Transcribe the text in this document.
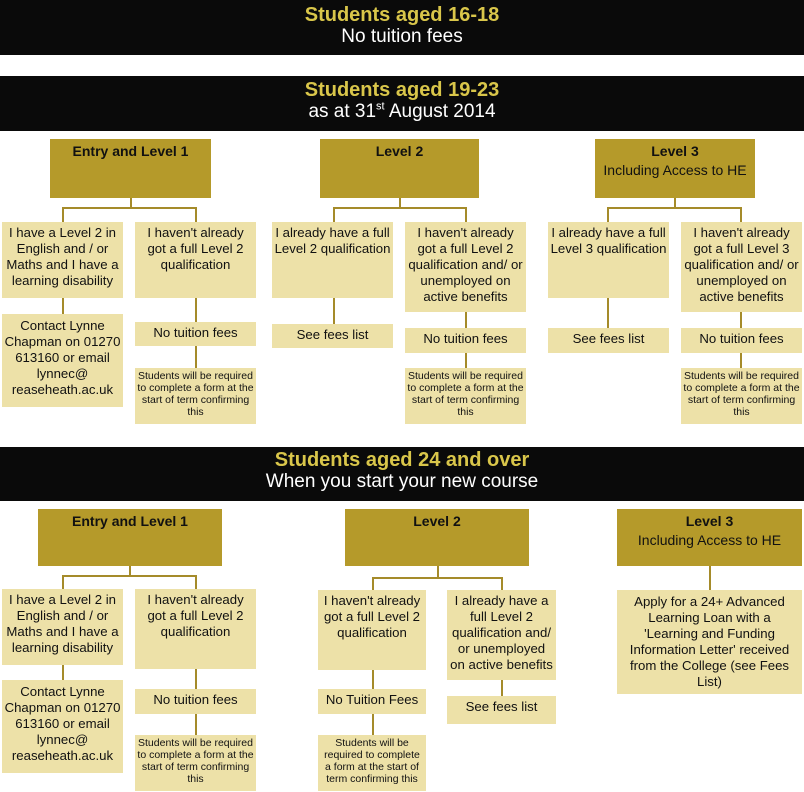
Students aged 16-18
No tuition fees
Students aged 19-23
as at 31st August 2014
Entry and Level 1
I have a Level 2 in English and / or Maths and I have a learning disability
I haven't already got a full Level 2 qualification
Contact Lynne Chapman on 01270 613160 or email lynnec@ reaseheath.ac.uk
No tuition fees
Students will be required to complete a form at the start of term confirming this
Level 2
I already have a full Level 2 qualification
I haven't already got a full Level 2 qualification and/ or unemployed on active benefits
See fees list	No tuition fees
Students will be required to complete a form at the start of term confirming this
Level 3
Including Access to HE
I already have a full Level 3 qualification
I haven't already got a full Level 3 qualification and/ or unemployed on active benefits
See fees list	No tuition fees
Students will be required to complete a form at the start of term confirming this
Students aged 24 and over
When you start your new course
Entry and Level 1
I have a Level 2 in English and / or Maths and I have a learning disability
I haven't already got a full Level 2 qualification
Contact Lynne Chapman on 01270 613160 or email lynnec@ reaseheath.ac.uk
No tuition fees
Students will be required to complete a form at the start of term confirming this
Level 2
I haven't already got a full Level 2 qualification
I already have a full Level 2 qualification and/ or unemployed on active benefits
No Tuition Fees	See fees list
Students will be required to complete a form at the start of term confirming this
Level 3
Including Access to HE
Apply for a 24+ Advanced Learning Loan with a 'Learning and Funding Information Letter' received from the College (see Fees List)
